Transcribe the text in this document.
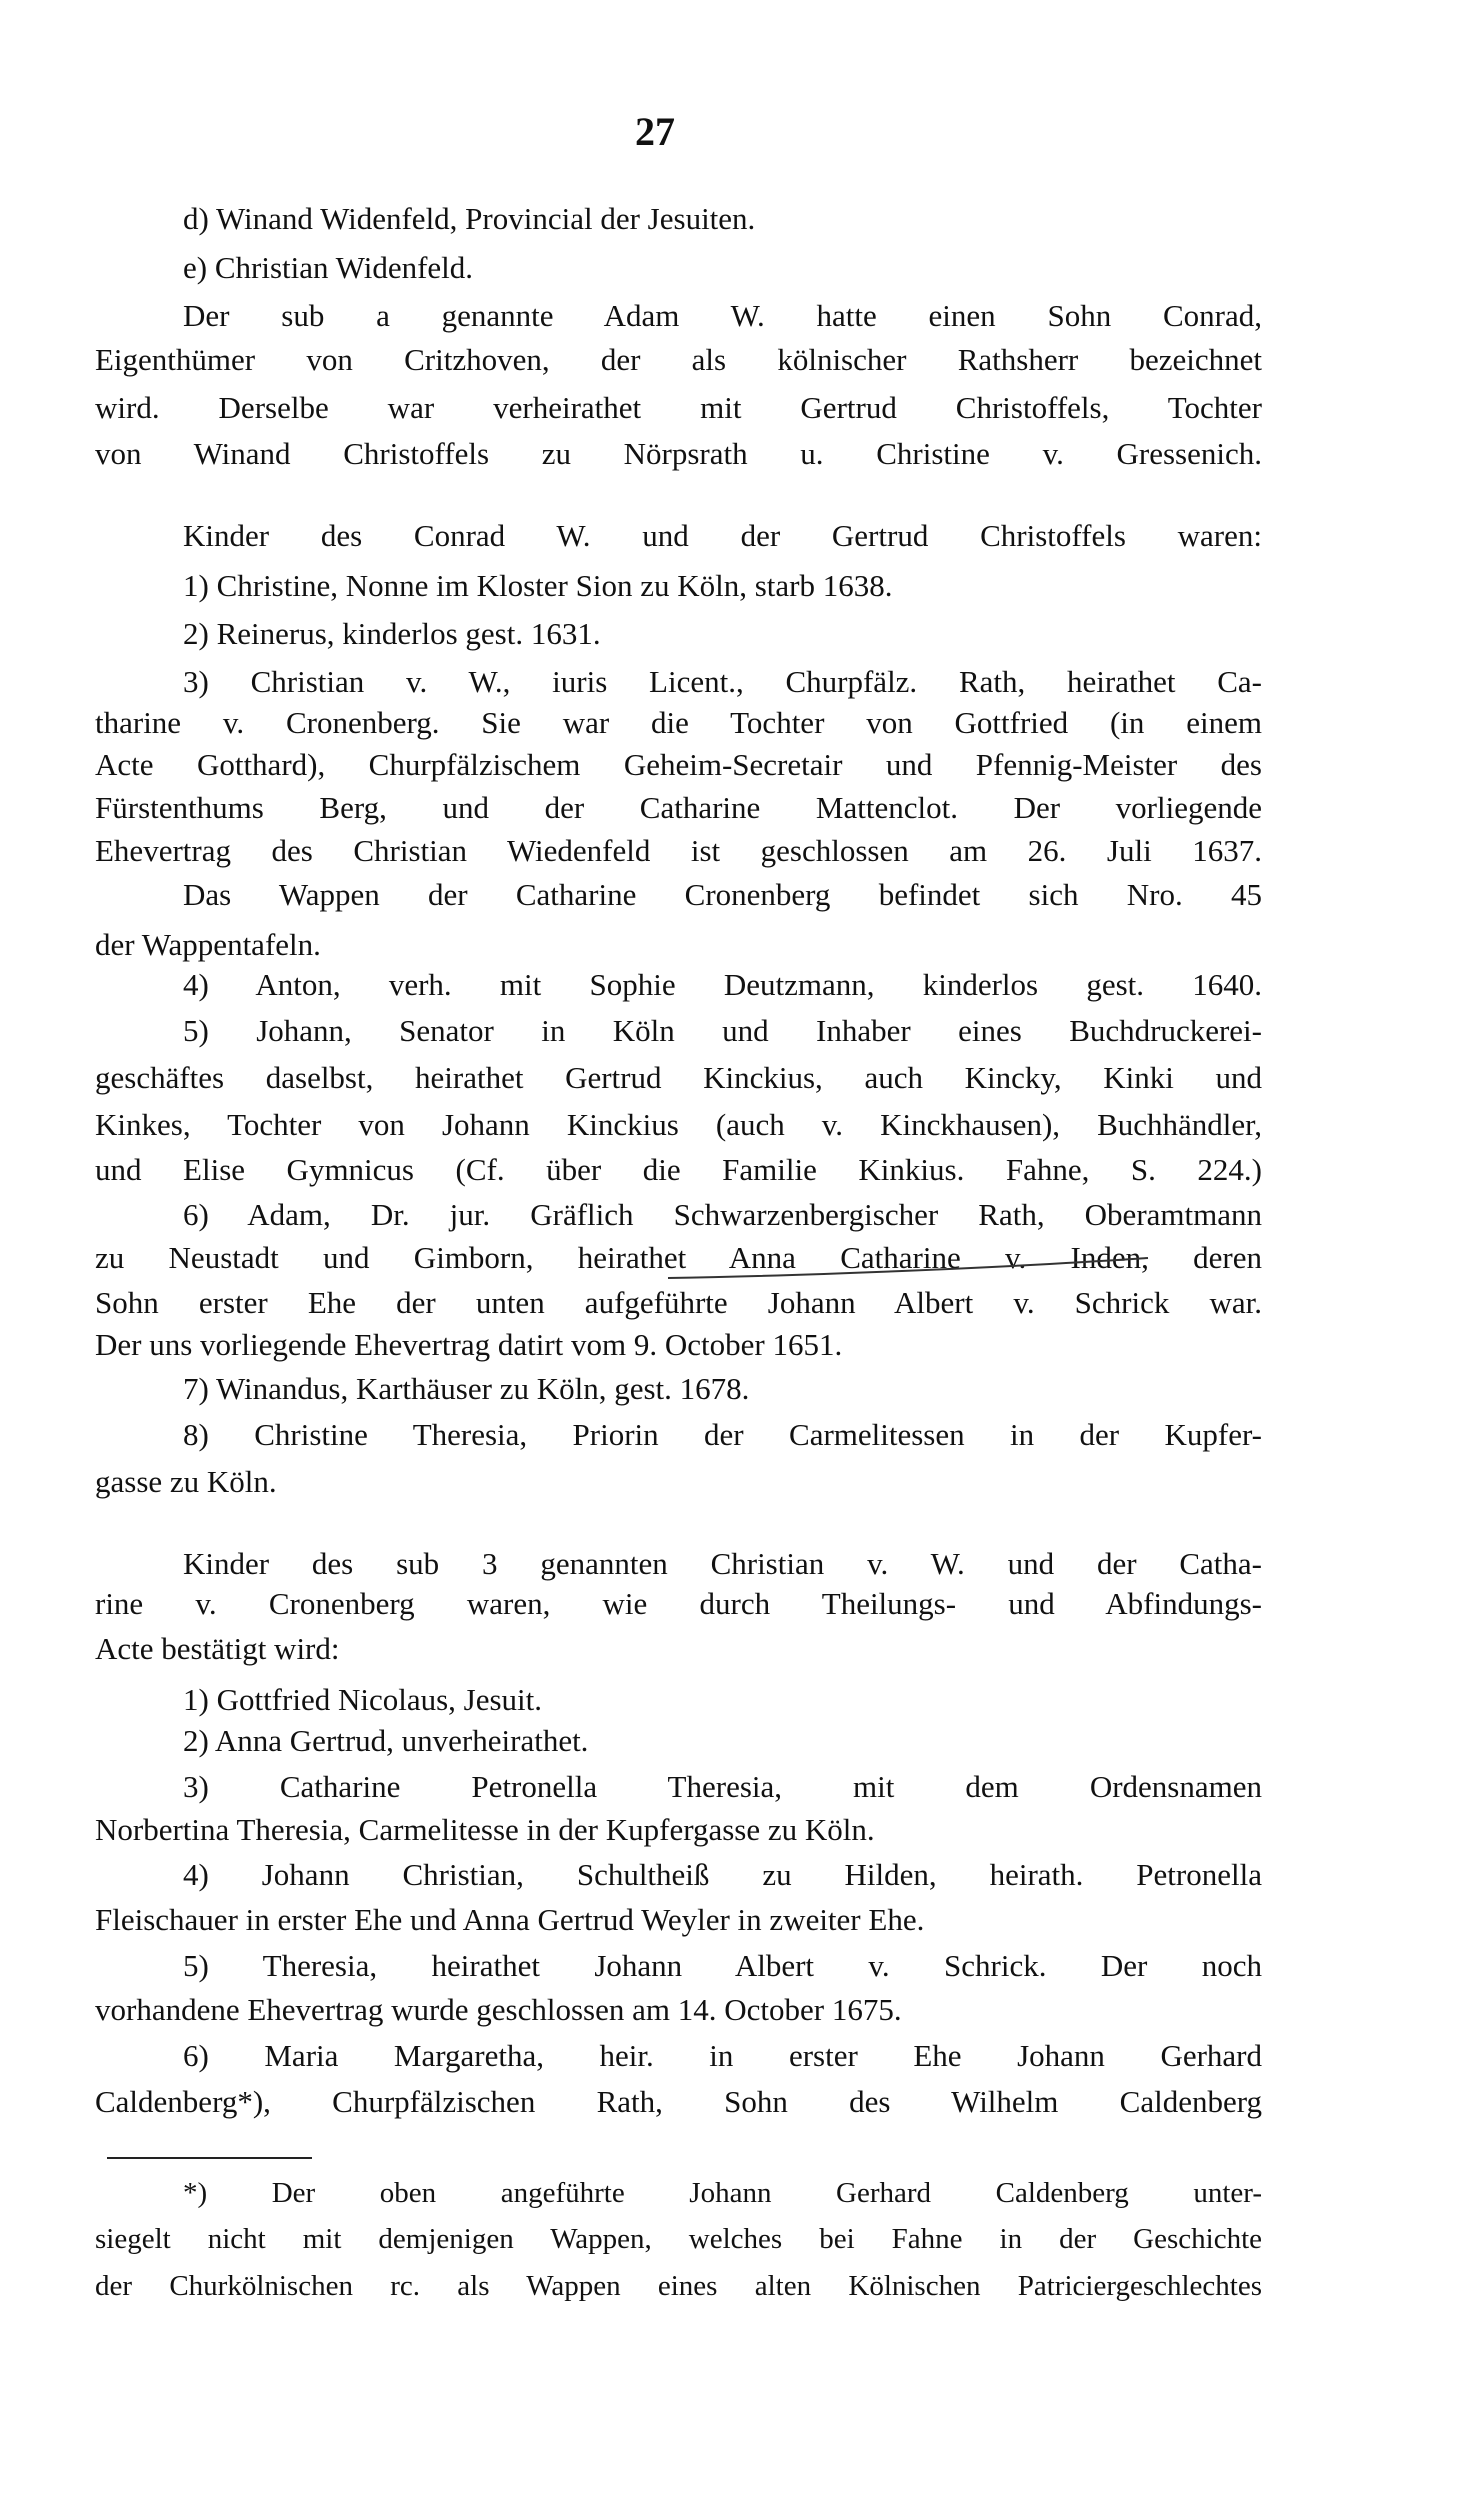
27
d) Winand Widenfeld, Provincial der Jesuiten.
e) Christian Widenfeld.
Der sub a genannte Adam W. hatte einen Sohn Conrad,
Eigenthümer von Critzhoven, der als kölnischer Rathsherr bezeichnet
wird. Derselbe war verheirathet mit Gertrud Christoffels, Tochter
von Winand Christoffels zu Nörpsrath u. Christine v. Gressenich.
Kinder des Conrad W. und der Gertrud Christoffels waren:
1) Christine, Nonne im Kloster Sion zu Köln, starb 1638.
2) Reinerus, kinderlos gest. 1631.
3) Christian v. W., iuris Licent., Churpfälz. Rath, heirathet Ca-
tharine v. Cronenberg. Sie war die Tochter von Gottfried (in einem
Acte Gotthard), Churpfälzischem Geheim-Secretair und Pfennig-Meister des
Fürstenthums Berg, und der Catharine Mattenclot. Der vorliegende
Ehevertrag des Christian Wiedenfeld ist geschlossen am 26. Juli 1637.
Das Wappen der Catharine Cronenberg befindet sich Nro. 45
der Wappentafeln.
4) Anton, verh. mit Sophie Deutzmann, kinderlos gest. 1640.
5) Johann, Senator in Köln und Inhaber eines Buchdruckerei-
geschäftes daselbst, heirathet Gertrud Kinckius, auch Kincky, Kinki und
Kinkes, Tochter von Johann Kinckius (auch v. Kinckhausen), Buchhändler,
und Elise Gymnicus (Cf. über die Familie Kinkius. Fahne, S. 224.)
6) Adam, Dr. jur. Gräflich Schwarzenbergischer Rath, Oberamtmann
zu Neustadt und Gimborn, heirathet Anna Catharine v. Inden, deren
Sohn erster Ehe der unten aufgeführte Johann Albert v. Schrick war.
Der uns vorliegende Ehevertrag datirt vom 9. October 1651.
7) Winandus, Karthäuser zu Köln, gest. 1678.
8) Christine Theresia, Priorin der Carmelitessen in der Kupfer-
gasse zu Köln.
Kinder des sub 3 genannten Christian v. W. und der Catha-
rine v. Cronenberg waren, wie durch Theilungs- und Abfindungs-
Acte bestätigt wird:
1) Gottfried Nicolaus, Jesuit.
2) Anna Gertrud, unverheirathet.
3) Catharine Petronella Theresia, mit dem Ordensnamen
Norbertina Theresia, Carmelitesse in der Kupfergasse zu Köln.
4) Johann Christian, Schultheiß zu Hilden, heirath. Petronella
Fleischauer in erster Ehe und Anna Gertrud Weyler in zweiter Ehe.
5) Theresia, heirathet Johann Albert v. Schrick. Der noch
vorhandene Ehevertrag wurde geschlossen am 14. October 1675.
6) Maria Margaretha, heir. in erster Ehe Johann Gerhard
Caldenberg*), Churpfälzischen Rath, Sohn des Wilhelm Caldenberg
*) Der oben angeführte Johann Gerhard Caldenberg unter-
siegelt nicht mit demjenigen Wappen, welches bei Fahne in der Geschichte
der Churkölnischen rc. als Wappen eines alten Kölnischen Patriciergeschlechtes
